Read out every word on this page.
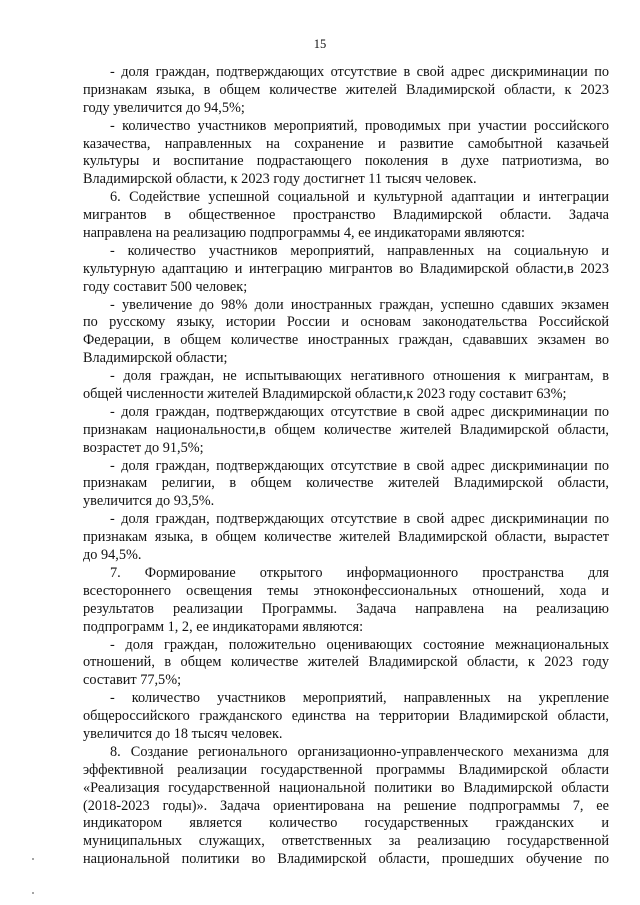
15
- доля граждан, подтверждающих отсутствие в свой адрес дискриминации по
признакам языка, в общем количестве жителей Владимирской области, к 2023
году увеличится до 94,5%;
- количество участников мероприятий, проводимых при участии российского
казачества, направленных на сохранение и развитие самобытной казачьей
культуры и воспитание подрастающего поколения в духе патриотизма, во
Владимирской области, к 2023 году достигнет 11 тысяч человек.
6. Содействие успешной социальной и культурной адаптации и интеграции
мигрантов в общественное пространство Владимирской области. Задача
направлена на реализацию подпрограммы 4, ее индикаторами являются:
- количество участников мероприятий, направленных на социальную и
культурную адаптацию и интеграцию мигрантов во Владимирской области,в 2023
году составит 500 человек;
- увеличение до 98% доли иностранных граждан, успешно сдавших экзамен
по русскому языку, истории России и основам законодательства Российской
Федерации, в общем количестве иностранных граждан, сдававших экзамен во
Владимирской области;
- доля граждан, не испытывающих негативного отношения к мигрантам, в
общей численности жителей Владимирской области,к 2023 году составит 63%;
- доля граждан, подтверждающих отсутствие в свой адрес дискриминации по
признакам национальности,в общем количестве жителей Владимирской области,
возрастет до 91,5%;
- доля граждан, подтверждающих отсутствие в свой адрес дискриминации по
признакам религии, в общем количестве жителей Владимирской области,
увеличится до 93,5%.
- доля граждан, подтверждающих отсутствие в свой адрес дискриминации по
признакам языка, в общем количестве жителей Владимирской области, вырастет
до 94,5%.
7. Формирование открытого информационного пространства для
всестороннего освещения темы этноконфессиональных отношений, хода и
результатов реализации Программы. Задача направлена на реализацию
подпрограмм 1, 2, ее индикаторами являются:
- доля граждан, положительно оценивающих состояние межнациональных
отношений, в общем количестве жителей Владимирской области, к 2023 году
составит 77,5%;
- количество участников мероприятий, направленных на укрепление
общероссийского гражданского единства на территории Владимирской области,
увеличится до 18 тысяч человек.
8. Создание регионального организационно-управленческого механизма для
эффективной реализации государственной программы Владимирской области
«Реализация государственной национальной политики во Владимирской области
(2018-2023 годы)». Задача ориентирована на решение подпрограммы 7, ее
индикатором является количество государственных гражданских и
муниципальных служащих, ответственных за реализацию государственной
национальной политики во Владимирской области, прошедших обучение по
